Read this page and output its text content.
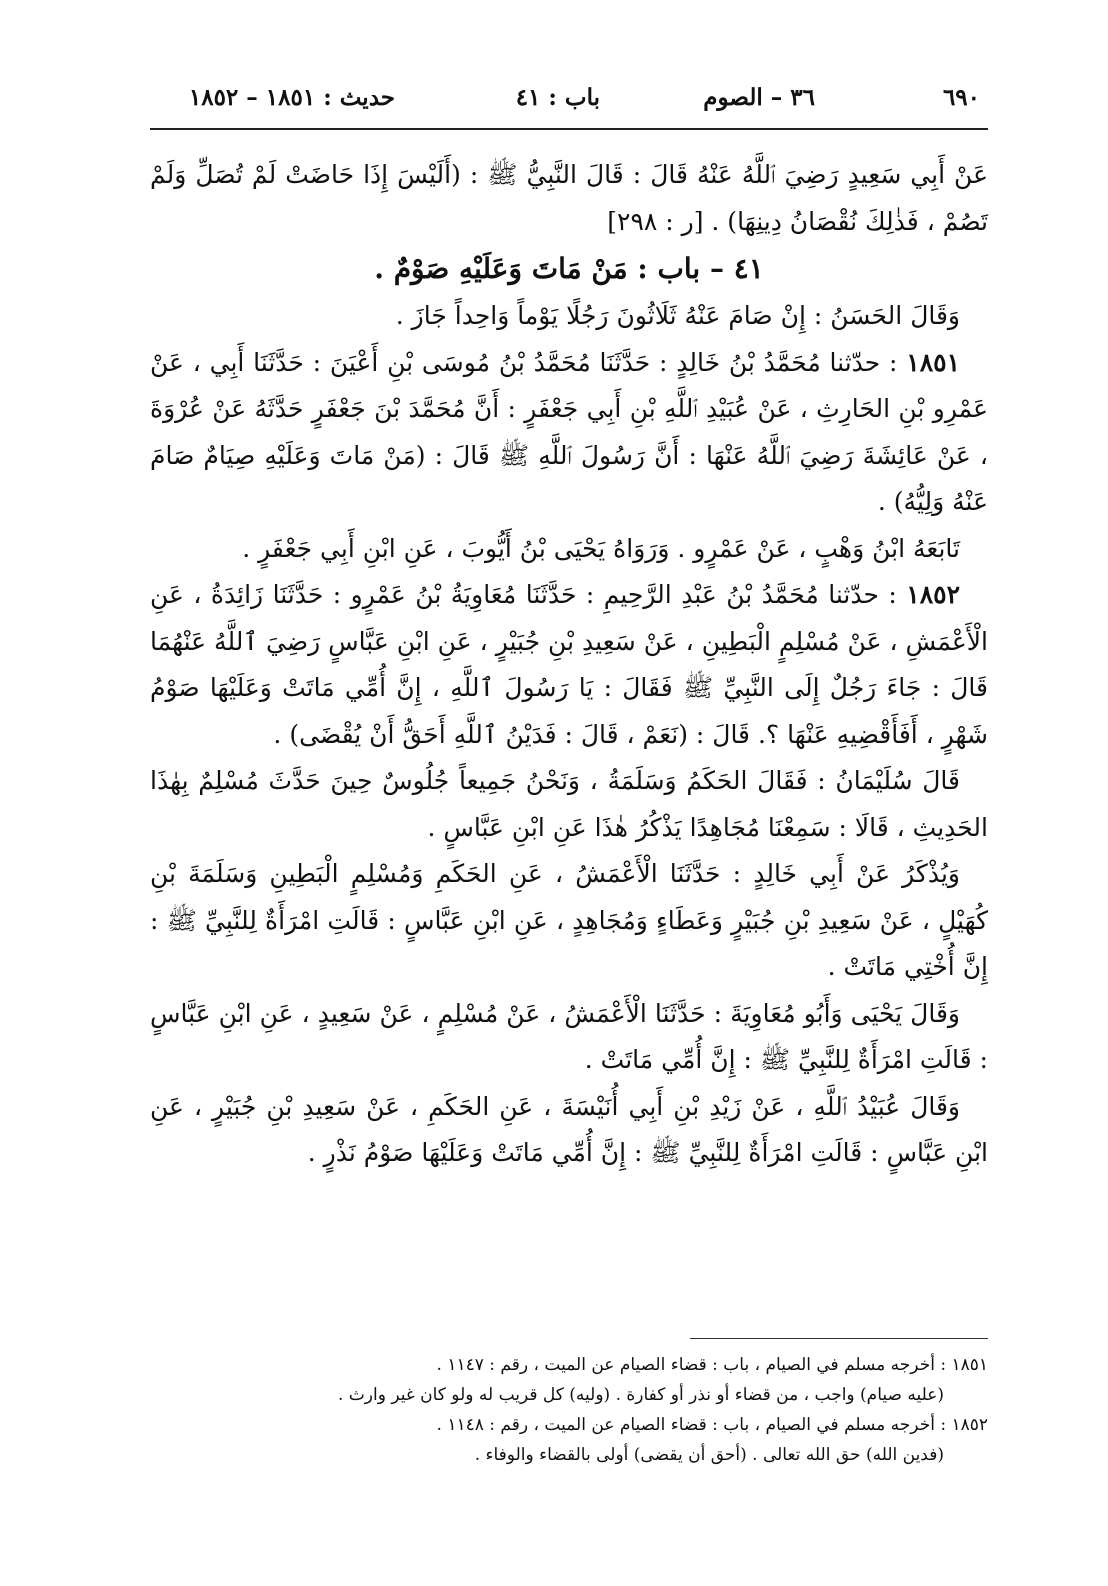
٦٩٠
٣٦ – الصوم
باب : ٤١
حديث : ١٨٥١ – ١٨٥٢

عَنْ أَبِي سَعِيدٍ رَضِيَ ٱللَّهُ عَنْهُ قَالَ : قَالَ النَّبِيُّ ﷺ : (أَلَيْسَ إِذَا حَاضَتْ لَمْ تُصَلِّ وَلَمْ تَصُمْ ، فَذٰلِكَ نُقْصَانُ دِينِهَا) . [ر : ٢٩٨]

٤١ – باب : مَنْ مَاتَ وَعَلَيْهِ صَوْمٌ .

وَقَالَ الحَسَنُ : إِنْ صَامَ عَنْهُ ثَلَاثُونَ رَجُلًا يَوْماً وَاحِداً جَازَ .

١٨٥١ : حدّثنا مُحَمَّدُ بْنُ خَالِدٍ : حَدَّثَنَا مُحَمَّدُ بْنُ مُوسَى بْنِ أَعْيَنَ : حَدَّثَنَا أَبِي ، عَنْ عَمْرِو بْنِ الحَارِثِ ، عَنْ عُبَيْدِ ٱللَّهِ بْنِ أَبِي جَعْفَرٍ : أَنَّ مُحَمَّدَ بْنَ جَعْفَرٍ حَدَّثَهُ عَنْ عُرْوَةَ ، عَنْ عَائِشَةَ رَضِيَ ٱللَّهُ عَنْهَا : أَنَّ رَسُولَ ٱللَّهِ ﷺ قَالَ : (مَنْ مَاتَ وَعَلَيْهِ صِيَامٌ صَامَ عَنْهُ وَلِيُّهُ) .

تَابَعَهُ ابْنُ وَهْبٍ ، عَنْ عَمْرٍو . وَرَوَاهُ يَحْيَى بْنُ أَيُّوبَ ، عَنِ ابْنِ أَبِي جَعْفَرٍ .

١٨٥٢ : حدّثنا مُحَمَّدُ بْنُ عَبْدِ الرَّحِيمِ : حَدَّثَنَا مُعَاوِيَةُ بْنُ عَمْرٍو : حَدَّثَنَا زَائِدَةُ ، عَنِ الْأَعْمَشِ ، عَنْ مُسْلِمٍ الْبَطِينِ ، عَنْ سَعِيدِ بْنِ جُبَيْرٍ ، عَنِ ابْنِ عَبَّاسٍ رَضِيَ ٱللَّهُ عَنْهُمَا قَالَ : جَاءَ رَجُلٌ إِلَى النَّبِيِّ ﷺ فَقَالَ : يَا رَسُولَ ٱللَّهِ ، إِنَّ أُمِّي مَاتَتْ وَعَلَيْهَا صَوْمُ شَهْرٍ ، أَفَأَقْضِيهِ عَنْهَا ؟. قَالَ : (نَعَمْ ، قَالَ : فَدَيْنُ ٱللَّهِ أَحَقُّ أَنْ يُقْضَى) .

قَالَ سُلَيْمَانُ : فَقَالَ الحَكَمُ وَسَلَمَةُ ، وَنَحْنُ جَمِيعاً جُلُوسٌ حِينَ حَدَّثَ مُسْلِمٌ بِهٰذَا الحَدِيثِ ، قَالَا : سَمِعْنَا مُجَاهِدًا يَذْكُرُ هٰذَا عَنِ ابْنِ عَبَّاسٍ .

وَيُذْكَرُ عَنْ أَبِي خَالِدٍ : حَدَّثَنَا الْأَعْمَشُ ، عَنِ الحَكَمِ وَمُسْلِمٍ الْبَطِينِ وَسَلَمَةَ بْنِ كُهَيْلٍ ، عَنْ سَعِيدِ بْنِ جُبَيْرٍ وَعَطَاءٍ وَمُجَاهِدٍ ، عَنِ ابْنِ عَبَّاسٍ : قَالَتِ امْرَأَةٌ لِلنَّبِيِّ ﷺ : إِنَّ أُخْتِي مَاتَتْ .

وَقَالَ يَحْيَى وَأَبُو مُعَاوِيَةَ : حَدَّثَنَا الْأَعْمَشُ ، عَنْ مُسْلِمٍ ، عَنْ سَعِيدٍ ، عَنِ ابْنِ عَبَّاسٍ : قَالَتِ امْرَأَةٌ لِلنَّبِيِّ ﷺ : إِنَّ أُمِّي مَاتَتْ .

وَقَالَ عُبَيْدُ ٱللَّهِ ، عَنْ زَيْدِ بْنِ أَبِي أُنَيْسَةَ ، عَنِ الحَكَمِ ، عَنْ سَعِيدِ بْنِ جُبَيْرٍ ، عَنِ ابْنِ عَبَّاسٍ : قَالَتِ امْرَأَةٌ لِلنَّبِيِّ ﷺ : إِنَّ أُمِّي مَاتَتْ وَعَلَيْهَا صَوْمُ نَذْرٍ .

١٨٥١ : أخرجه مسلم في الصيام ، باب : قضاء الصيام عن الميت ، رقم : ١١٤٧ .

(عليه صيام) واجب ، من قضاء أو نذر أو كفارة . (وليه) كل قريب له ولو كان غير وارث .

١٨٥٢ : أخرجه مسلم في الصيام ، باب : قضاء الصيام عن الميت ، رقم : ١١٤٨ .

(فدين الله) حق الله تعالى . (أحق أن يقضى) أولى بالقضاء والوفاء .
